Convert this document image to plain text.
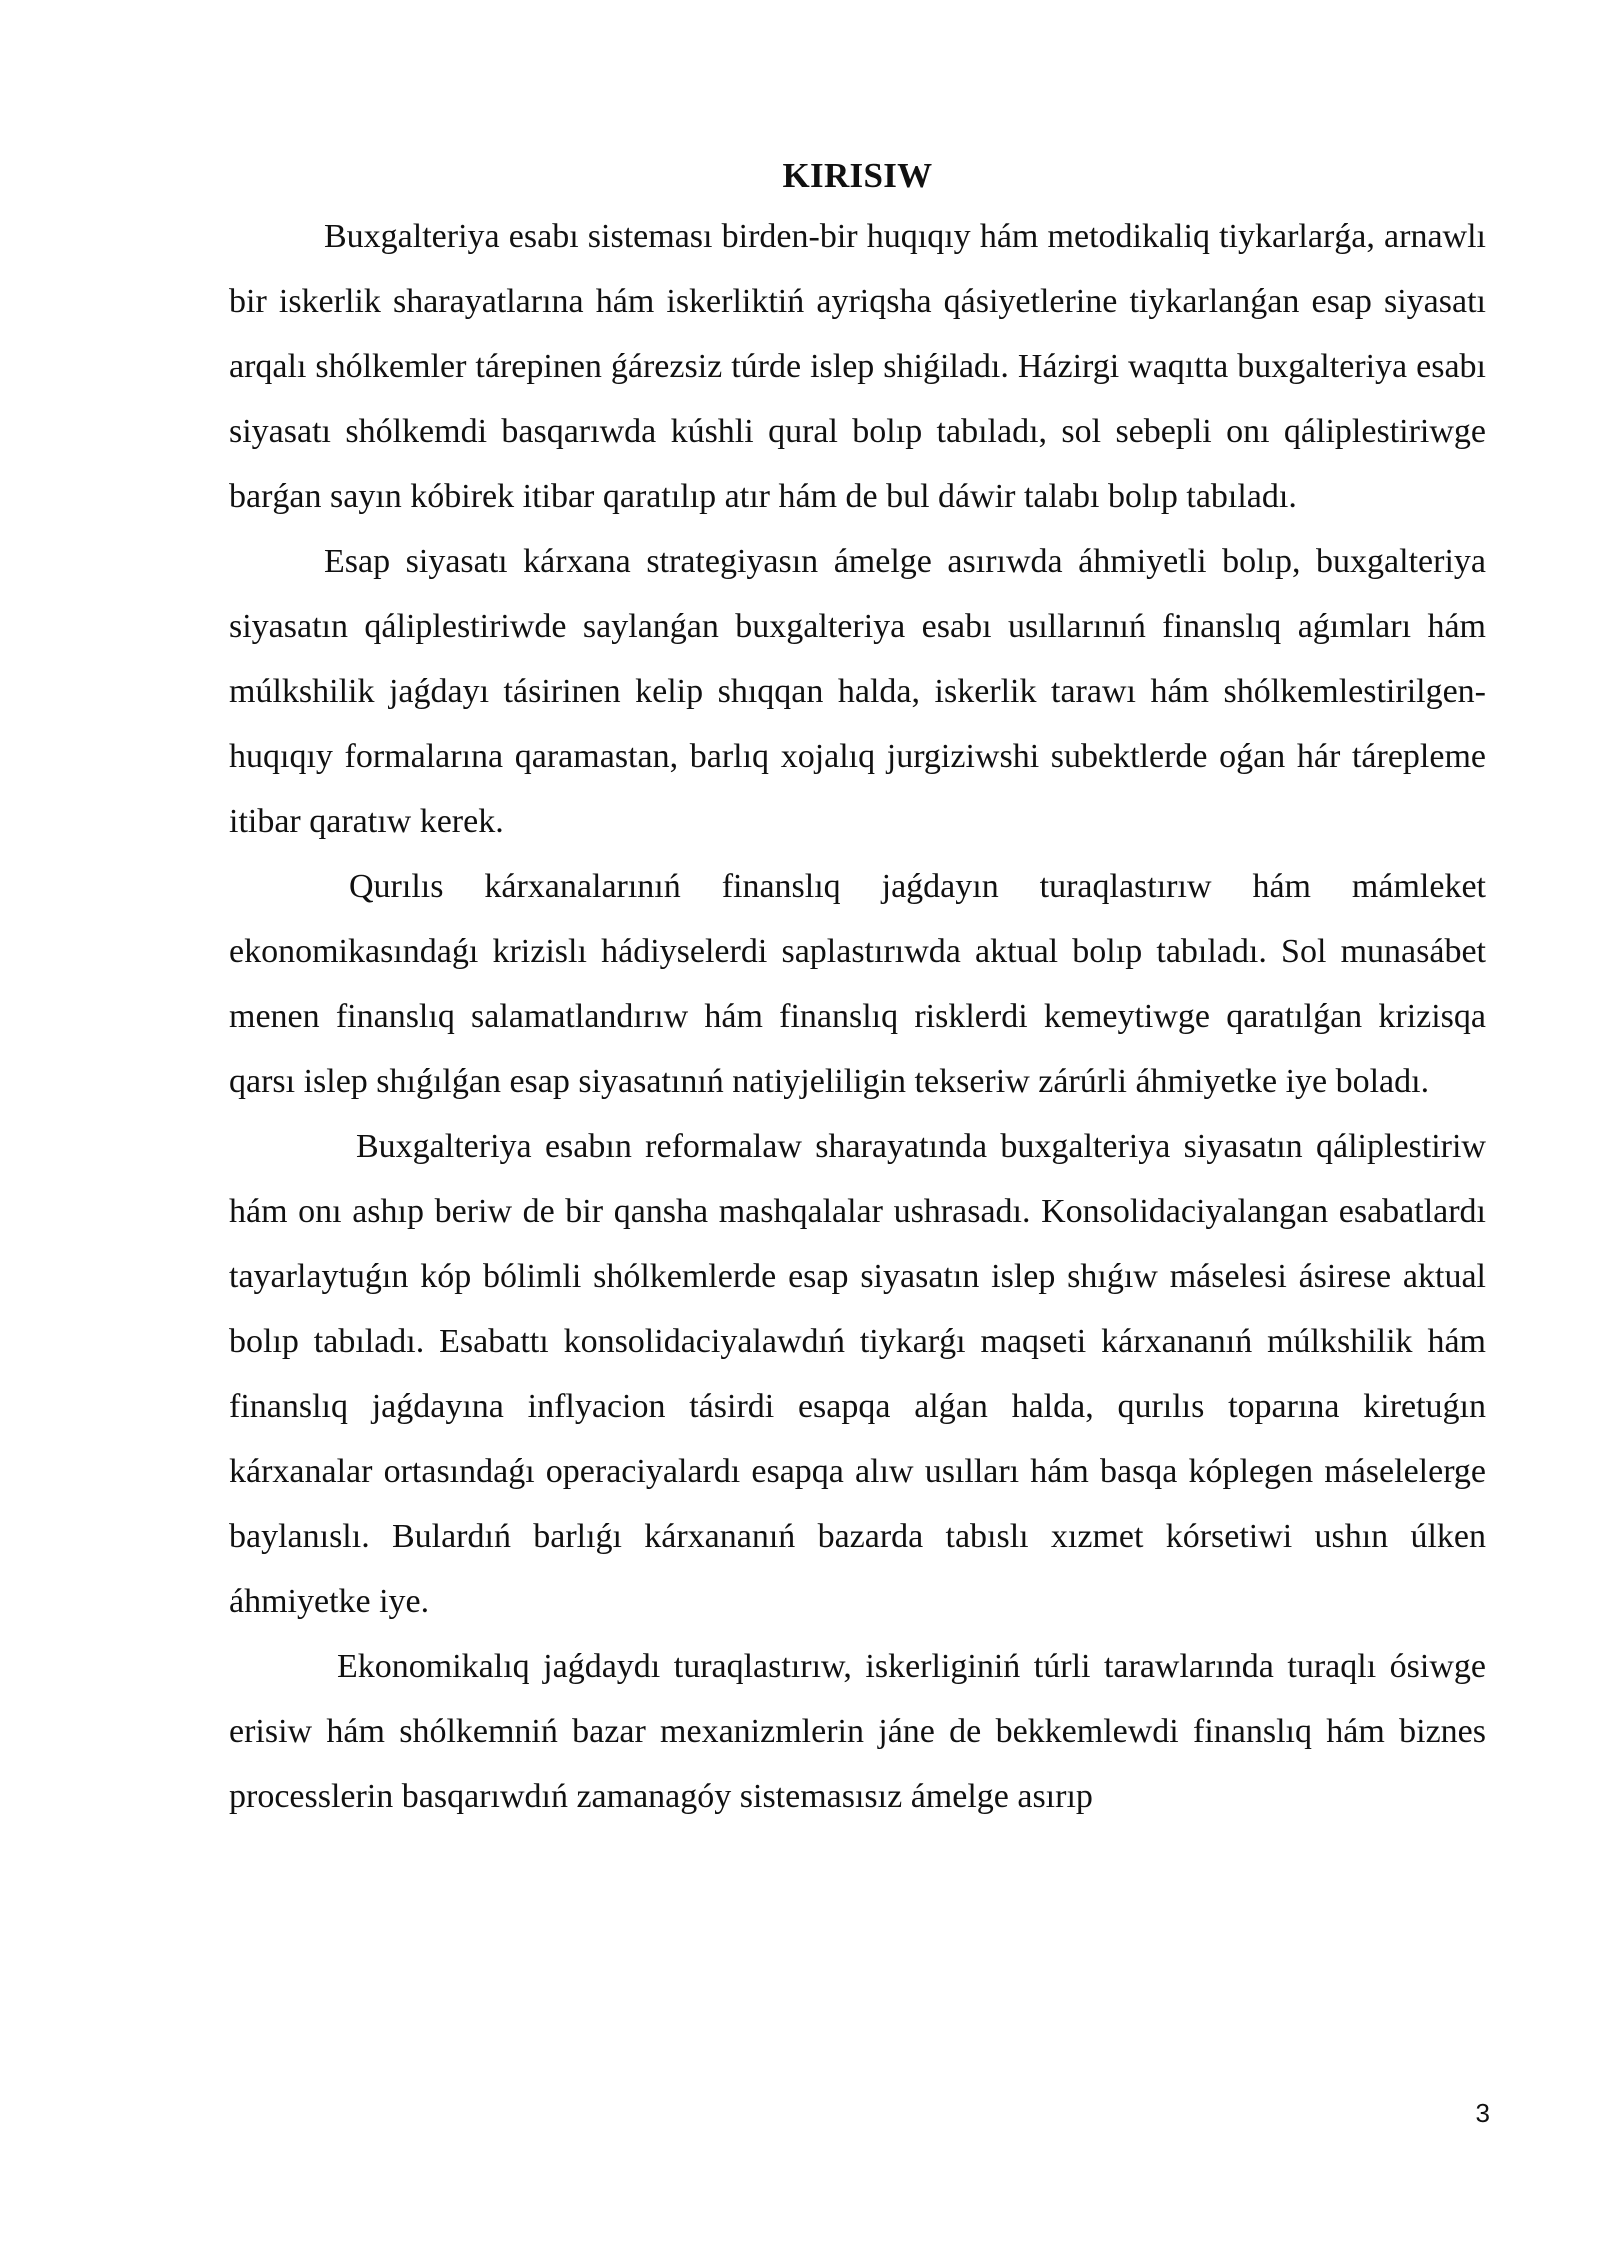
KIRISIW

Buxgalteriya esabı sisteması birden-bir huqıqıy hám metodikaliq tiykarlarǵa, arnawlı bir iskerlik sharayatlarına hám iskerliktiń ayriqsha qásiyetlerine tiykarlanǵan esap siyasatı arqalı shólkemler tárepinen ǵárezsiz túrde islep shiǵiladı. Házirgi waqıtta buxgalteriya esabı siyasatı shólkemdi basqarıwda kúshli qural bolıp tabıladı, sol sebepli onı qáliplestiriwge barǵan sayın kóbirek itibar qaratılıp atır hám de bul dáwir talabı bolıp tabıladı.

Esap siyasatı kárxana strategiyasın ámelge asırıwda áhmiyetli bolıp, buxgalteriya siyasatın qáliplestiriwde saylanǵan buxgalteriya esabı usıllarınıń finanslıq aǵımları hám múlkshilik jaǵdayı tásirinen kelip shıqqan halda, iskerlik tarawı hám shólkemlestirilgen-huqıqıy formalarına qaramastan, barlıq xojalıq jurgiziwshi subektlerde oǵan hár tárepleme itibar qaratıw kerek.

Qurılıs kárxanalarınıń finanslıq jaǵdayın turaqlastırıw hám mámleket ekonomikasındaǵı krizislı hádiyselerdi saplastırıwda aktual bolıp tabıladı. Sol munasábet menen finanslıq salamatlandırıw hám finanslıq risklerdi kemeytiwge qaratılǵan krizisqa qarsı islep shıǵılǵan esap siyasatınıń natiyjeliligin tekseriw zárúrli áhmiyetke iye boladı.

Buxgalteriya esabın reformalaw sharayatında buxgalteriya siyasatın qáliplestiriw hám onı ashıp beriw de bir qansha mashqalalar ushrasadı. Konsolidaciyalangan esabatlardı tayarlaytuǵın kóp bólimli shólkemlerde esap siyasatın islep shıǵıw máselesi ásirese aktual bolıp tabıladı. Esabattı konsolidaciyalawdıń tiykarǵı maqseti kárxananıń múlkshilik hám finanslıq jaǵdayına inflyacion tásirdi esapqa alǵan halda, qurılıs toparına kiretuǵın kárxanalar ortasındaǵı operaciyalardı esapqa alıw usılları hám basqa kóplegen máselelerge baylanıslı. Bulardıń barlıǵı kárxananıń bazarda tabıslı xızmet kórsetiwi ushın úlken áhmiyetke iye.

Ekonomikalıq jaǵdaydı turaqlastırıw, iskerliginiń túrli tarawlarında turaqlı ósiwge erisiw hám shólkemniń bazar mexanizmlerin jáne de bekkemlewdi finanslıq hám biznes processlerin basqarıwdıń zamanagóy sistemasısız ámelge asırıp

3
